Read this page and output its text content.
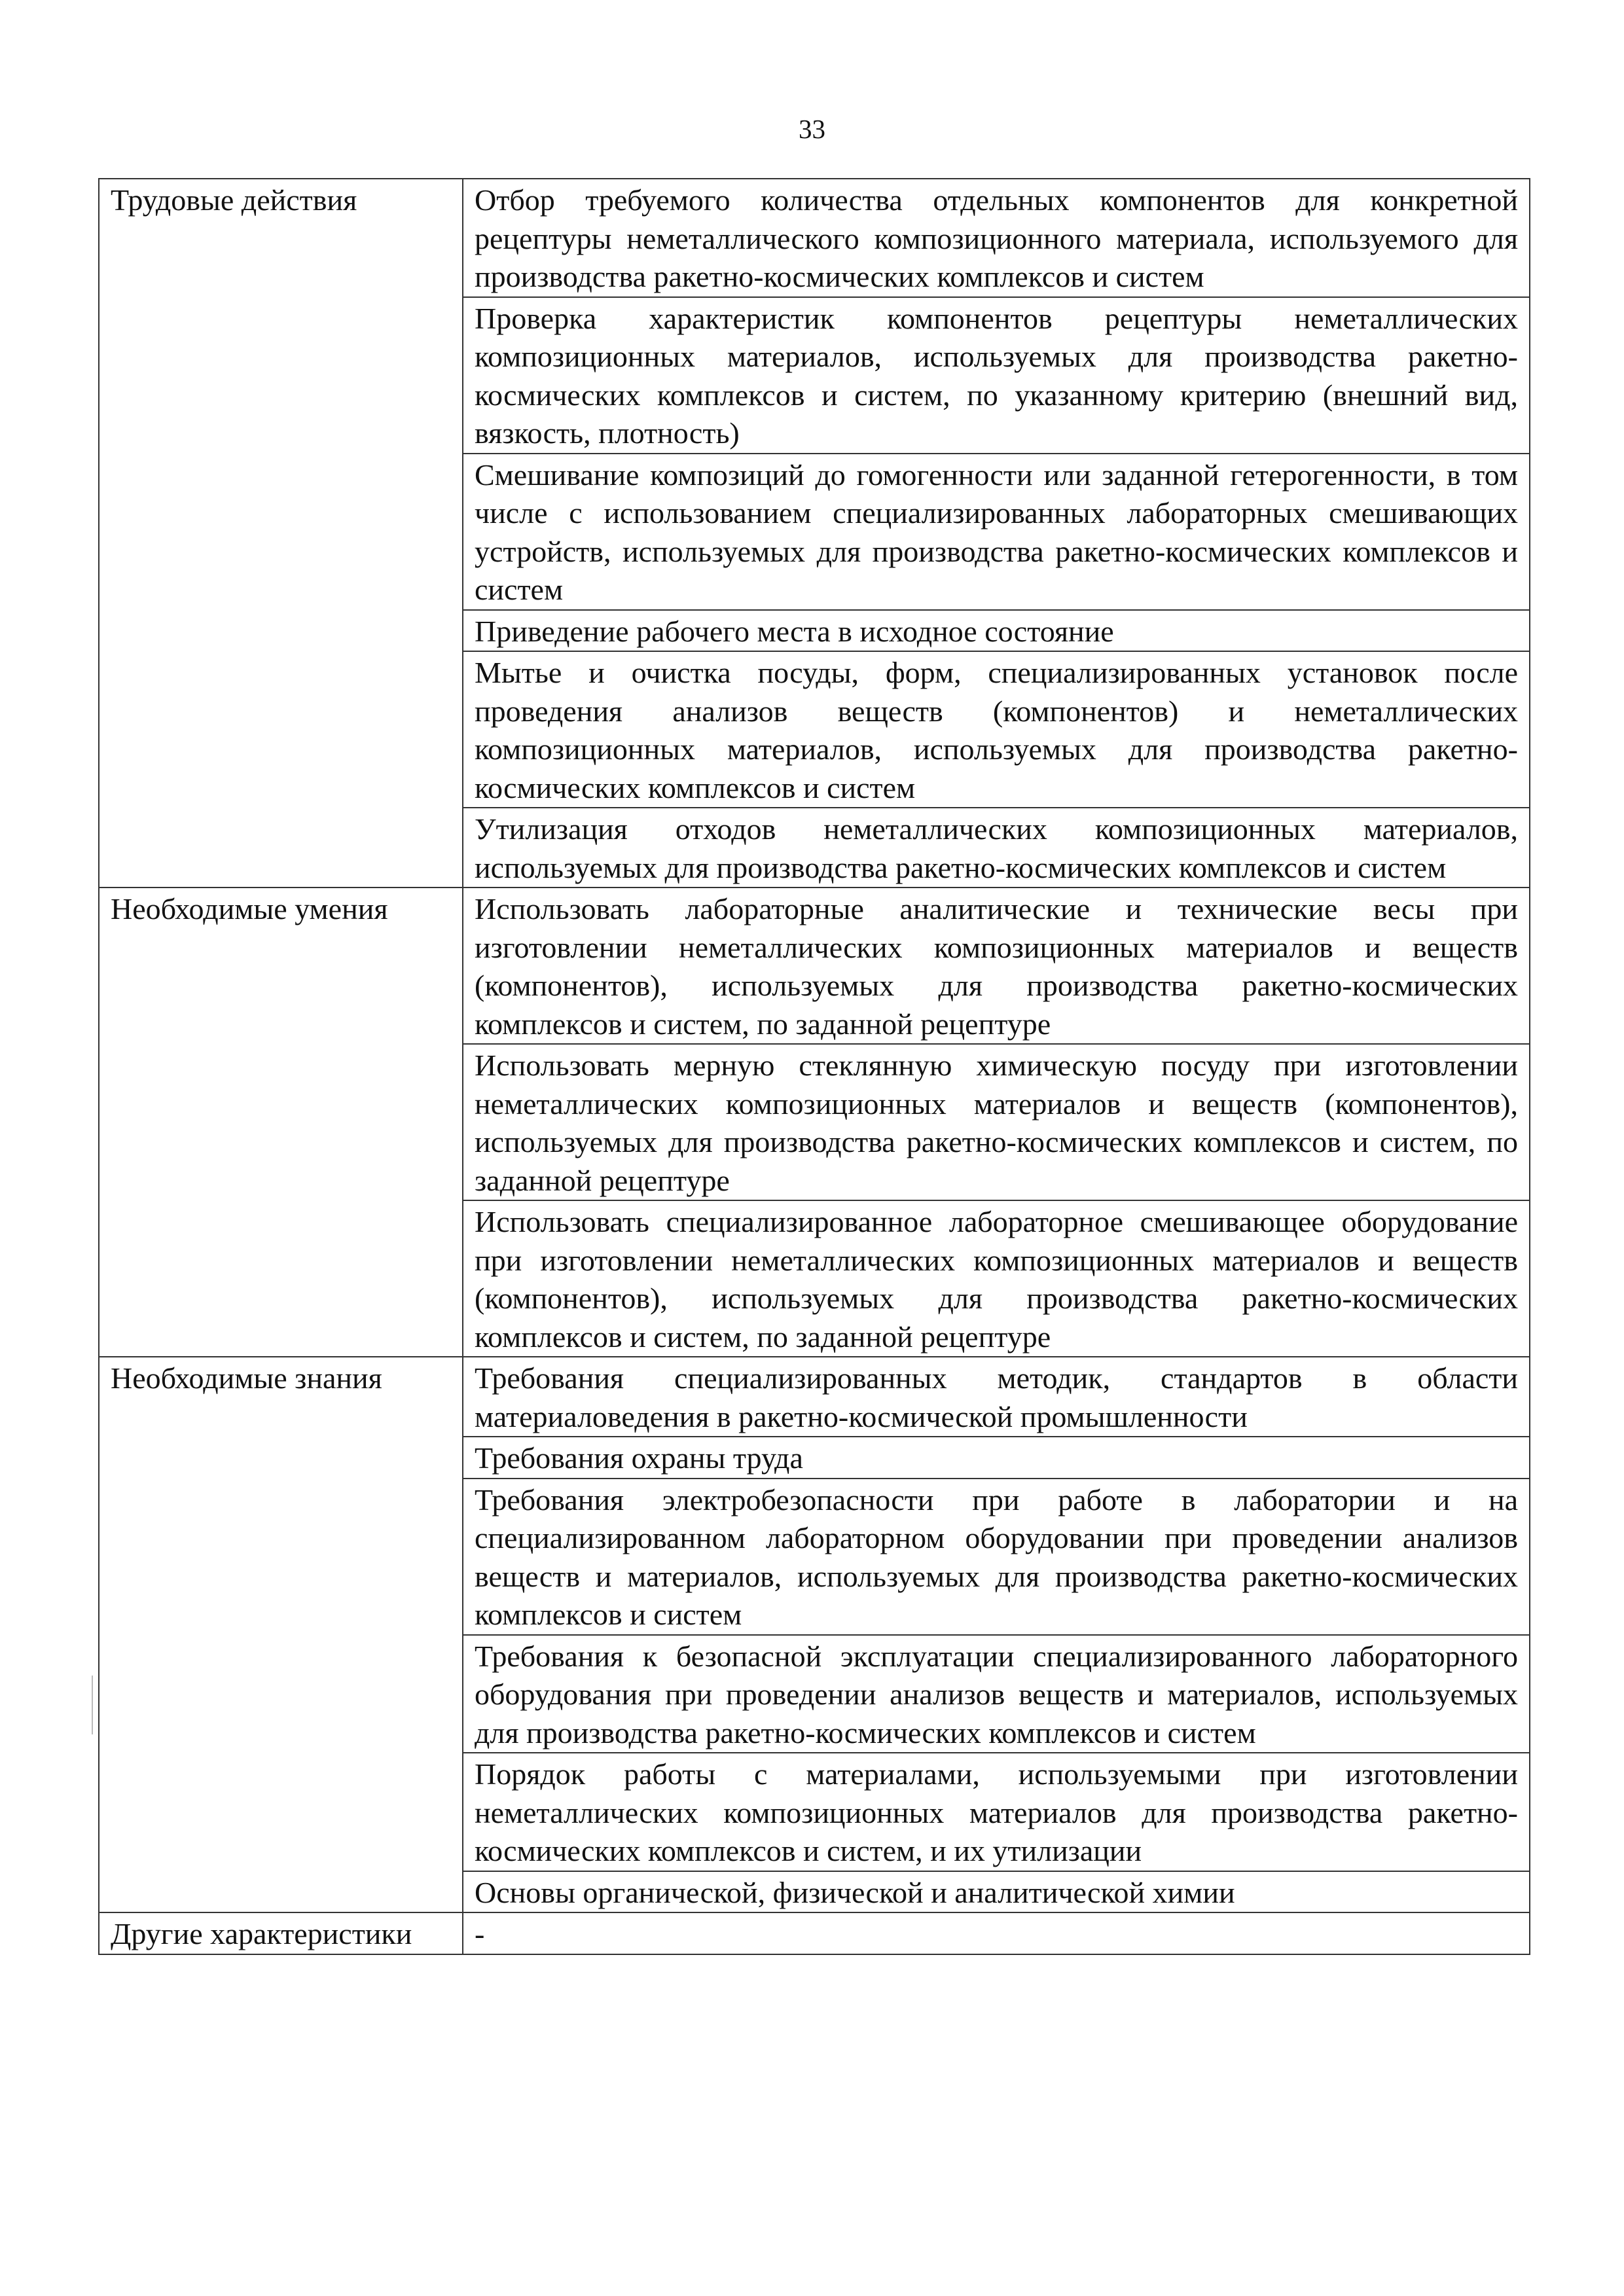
33
Трудовые действия	Отбор требуемого количества отдельных компонентов для конкретной рецептуры неметаллического композиционного материала, используемого для производства ракетно-космических комплексов и систем
	Проверка характеристик компонентов рецептуры неметаллических композиционных материалов, используемых для производства ракетно-космических комплексов и систем, по указанному критерию (внешний вид, вязкость, плотность)
	Смешивание композиций до гомогенности или заданной гетерогенности, в том числе с использованием специализированных лабораторных смешивающих устройств, используемых для производства ракетно-космических комплексов и систем
	Приведение рабочего места в исходное состояние
	Мытье и очистка посуды, форм, специализированных установок после проведения анализов веществ (компонентов) и неметаллических композиционных материалов, используемых для производства ракетно-космических комплексов и систем
	Утилизация отходов неметаллических композиционных материалов, используемых для производства ракетно-космических комплексов и систем
Необходимые умения	Использовать лабораторные аналитические и технические весы при изготовлении неметаллических композиционных материалов и веществ (компонентов), используемых для производства ракетно-космических комплексов и систем, по заданной рецептуре
	Использовать мерную стеклянную химическую посуду при изготовлении неметаллических композиционных материалов и веществ (компонентов), используемых для производства ракетно-космических комплексов и систем, по заданной рецептуре
	Использовать специализированное лабораторное смешивающее оборудование при изготовлении неметаллических композиционных материалов и веществ (компонентов), используемых для производства ракетно-космических комплексов и систем, по заданной рецептуре
Необходимые знания	Требования специализированных методик, стандартов в области материаловедения в ракетно-космической промышленности
	Требования охраны труда
	Требования электробезопасности при работе в лаборатории и на специализированном лабораторном оборудовании при проведении анализов веществ и материалов, используемых для производства ракетно-космических комплексов и систем
	Требования к безопасной эксплуатации специализированного лабораторного оборудования при проведении анализов веществ и материалов, используемых для производства ракетно-космических комплексов и систем
	Порядок работы с материалами, используемыми при изготовлении неметаллических композиционных материалов для производства ракетно-космических комплексов и систем, и их утилизации
	Основы органической, физической и аналитической химии
Другие характеристики	-
